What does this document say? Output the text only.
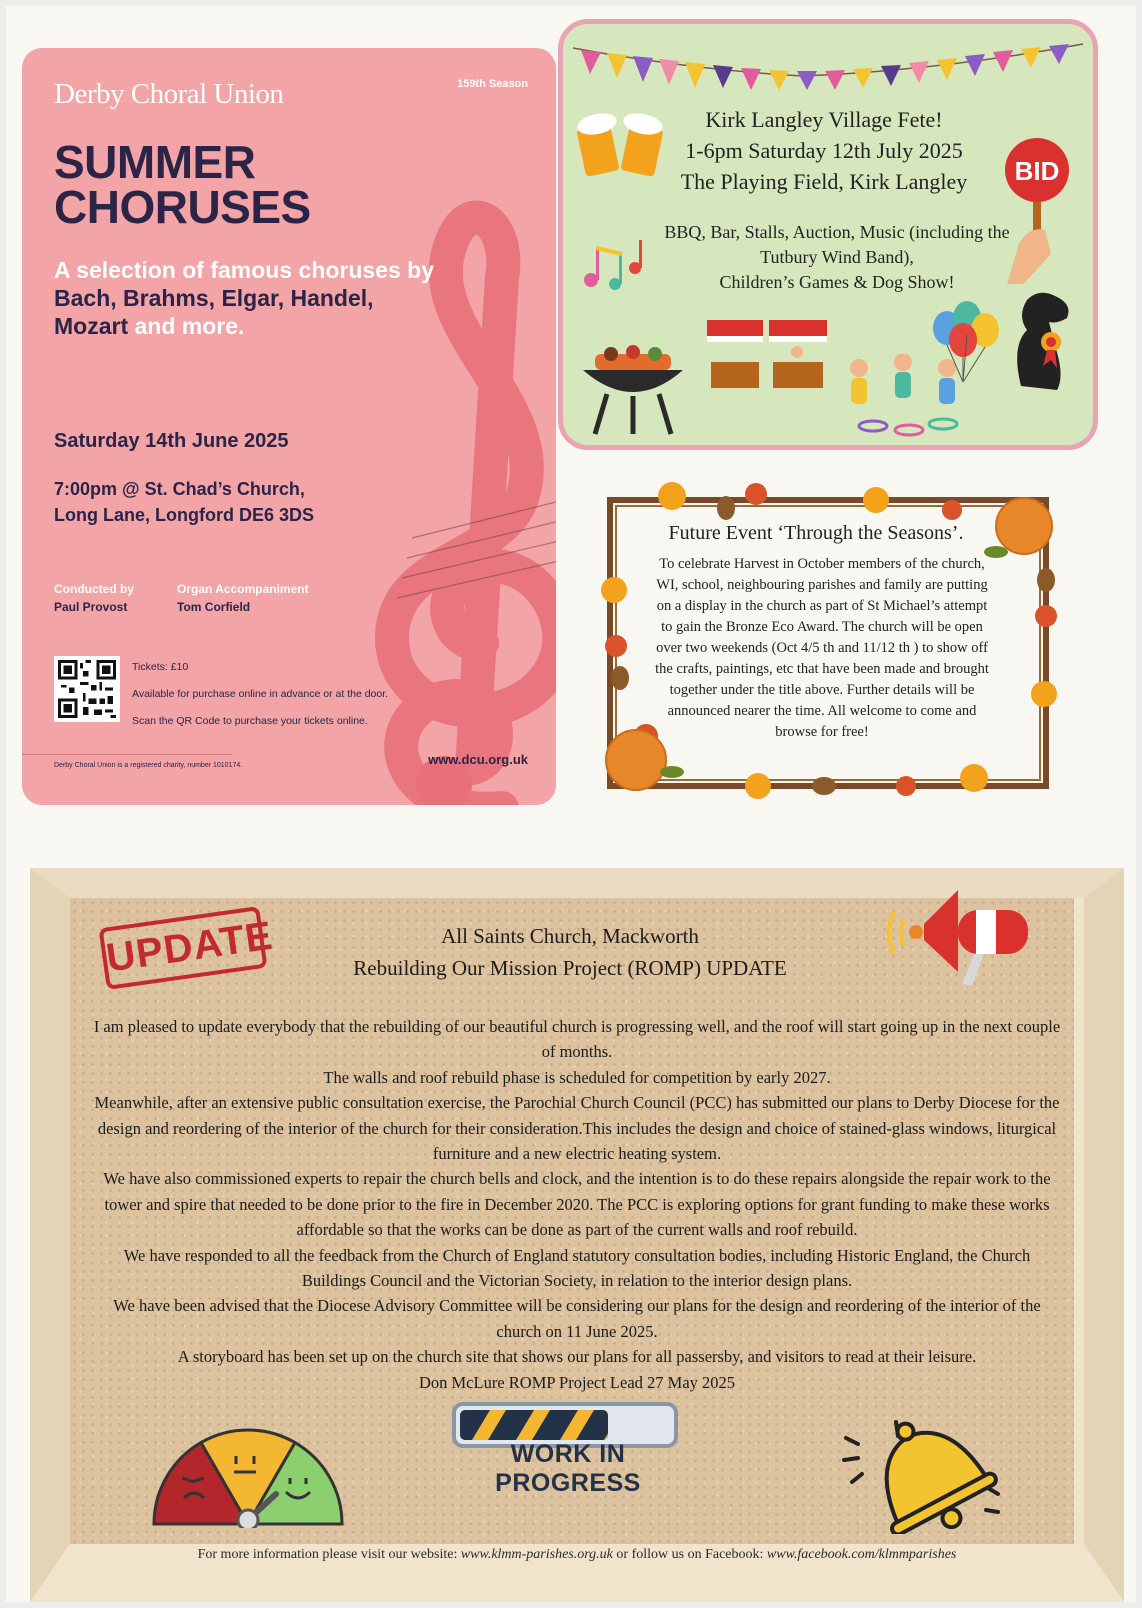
Derby Choral Union	159th Season
SUMMER
CHORUSES
A selection of famous choruses by Bach, Brahms, Elgar, Handel, Mozart and more.
Saturday 14th June 2025
7:00pm @ St. Chad’s Church,
Long Lane, Longford DE6 3DS
Conducted by
Paul Provost
Organ Accompaniment
Tom Corfield
Tickets: £10
Available for purchase online in advance or at the door.
Scan the QR Code to purchase your tickets online.
Derby Choral Union is a registered charity, number 1010174.	www.dcu.org.uk
Kirk Langley Village Fete!
1-6pm Saturday 12th July 2025
The Playing Field, Kirk Langley	BID
BBQ, Bar, Stalls, Auction, Music (including the Tutbury Wind Band),
Children’s Games & Dog Show!
Future Event ‘Through the Seasons’.
To celebrate Harvest in October members of the church, WI, school, neighbouring parishes and family are putting on a display in the church as part of St Michael’s attempt to gain the Bronze Eco Award. The church will be open over two weekends (Oct 4/5 th and 11/12 th ) to show off the crafts, paintings, etc that have been made and brought together under the title above. Further details will be announced nearer the time. All welcome to come and browse for free!
UPDATE	All Saints Church, Mackworth
Rebuilding Our Mission Project (ROMP) UPDATE
I am pleased to update everybody that the rebuilding of our beautiful church is progressing well, and the roof will start going up in the next couple of months.
The walls and roof rebuild phase is scheduled for competition by early 2027.
Meanwhile, after an extensive public consultation exercise, the Parochial Church Council (PCC) has submitted our plans to Derby Diocese for the design and reordering of the interior of the church for their consideration.This includes the design and choice of stained-glass windows, liturgical furniture and a new electric heating system.
We have also commissioned experts to repair the church bells and clock, and the intention is to do these repairs alongside the repair work to the tower and spire that needed to be done prior to the fire in December 2020. The PCC is exploring options for grant funding to make these works affordable so that the works can be done as part of the current walls and roof rebuild.
We have responded to all the feedback from the Church of England statutory consultation bodies, including Historic England, the Church Buildings Council and the Victorian Society, in relation to the interior design plans.
We have been advised that the Diocese Advisory Committee will be considering our plans for the design and reordering of the interior of the church on 11 June 2025.
A storyboard has been set up on the church site that shows our plans for all passersby, and visitors to read at their leisure.
Don McLure ROMP Project Lead 27 May 2025
WORK IN PROGRESS
For more information please visit our website: www.klmm-parishes.org.uk or follow us on Facebook: www.facebook.com/klmmparishes
